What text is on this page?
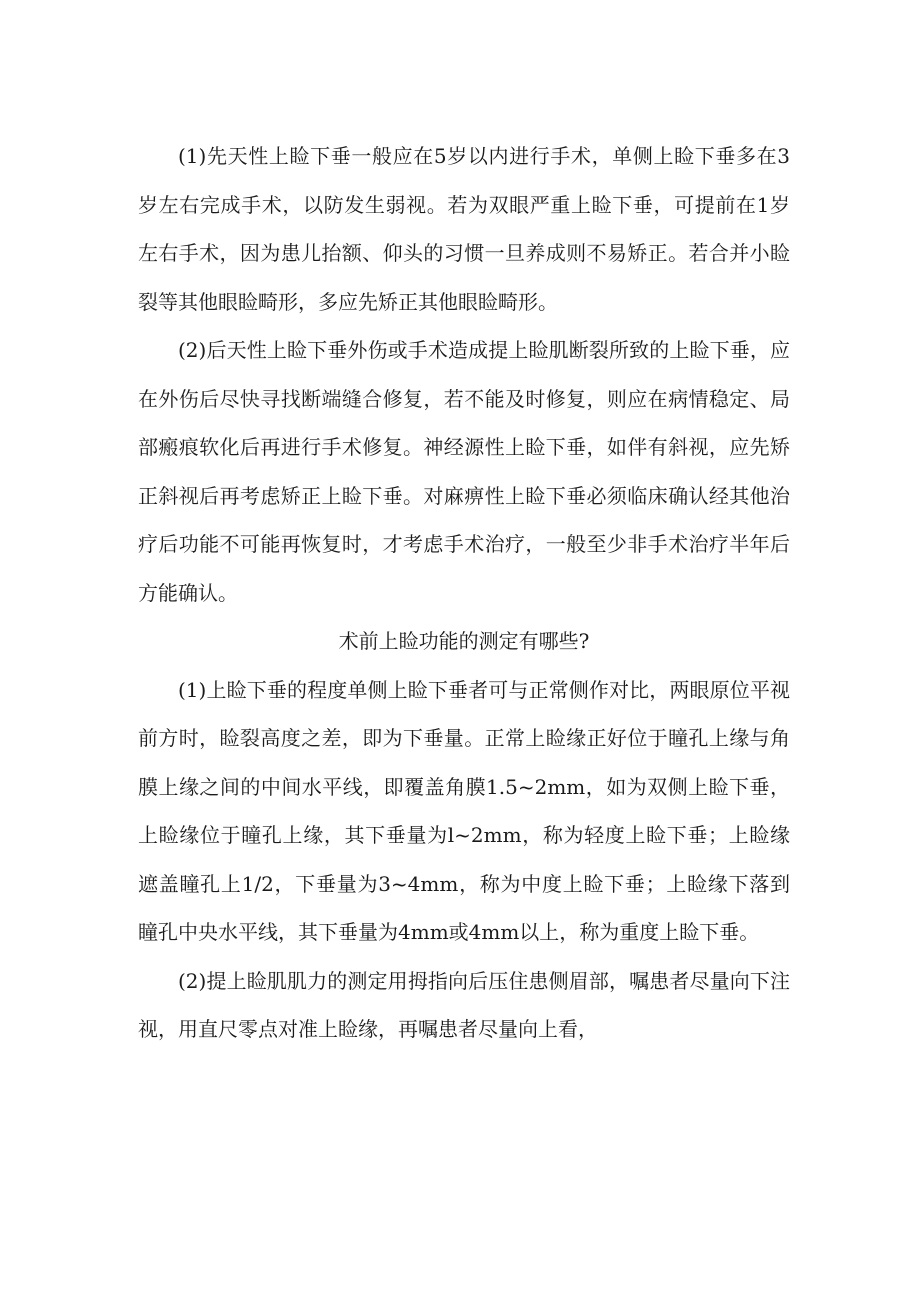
(1)先天性上睑下垂一般应在5岁以内进行手术，单侧上睑下垂多在3岁左右完成手术，以防发生弱视。若为双眼严重上睑下垂，可提前在1岁左右手术，因为患儿抬额、仰头的习惯一旦养成则不易矫正。若合并小睑裂等其他眼睑畸形，多应先矫正其他眼睑畸形。

(2)后天性上睑下垂外伤或手术造成提上睑肌断裂所致的上睑下垂，应在外伤后尽快寻找断端缝合修复，若不能及时修复，则应在病情稳定、局部瘢痕软化后再进行手术修复。神经源性上睑下垂，如伴有斜视，应先矫正斜视后再考虑矫正上睑下垂。对麻痹性上睑下垂必须临床确认经其他治疗后功能不可能再恢复时，才考虑手术治疗，一般至少非手术治疗半年后方能确认。

术前上睑功能的测定有哪些?

(1)上睑下垂的程度单侧上睑下垂者可与正常侧作对比，两眼原位平视前方时，睑裂高度之差，即为下垂量。正常上睑缘正好位于瞳孔上缘与角膜上缘之间的中间水平线，即覆盖角膜1.5~2mm，如为双侧上睑下垂，上睑缘位于瞳孔上缘，其下垂量为l~2mm，称为轻度上睑下垂；上睑缘遮盖瞳孔上1/2，下垂量为3~4mm，称为中度上睑下垂；上睑缘下落到瞳孔中央水平线，其下垂量为4mm或4mm以上，称为重度上睑下垂。

(2)提上睑肌肌力的测定用拇指向后压住患侧眉部，嘱患者尽量向下注视，用直尺零点对准上睑缘，再嘱患者尽量向上看，
